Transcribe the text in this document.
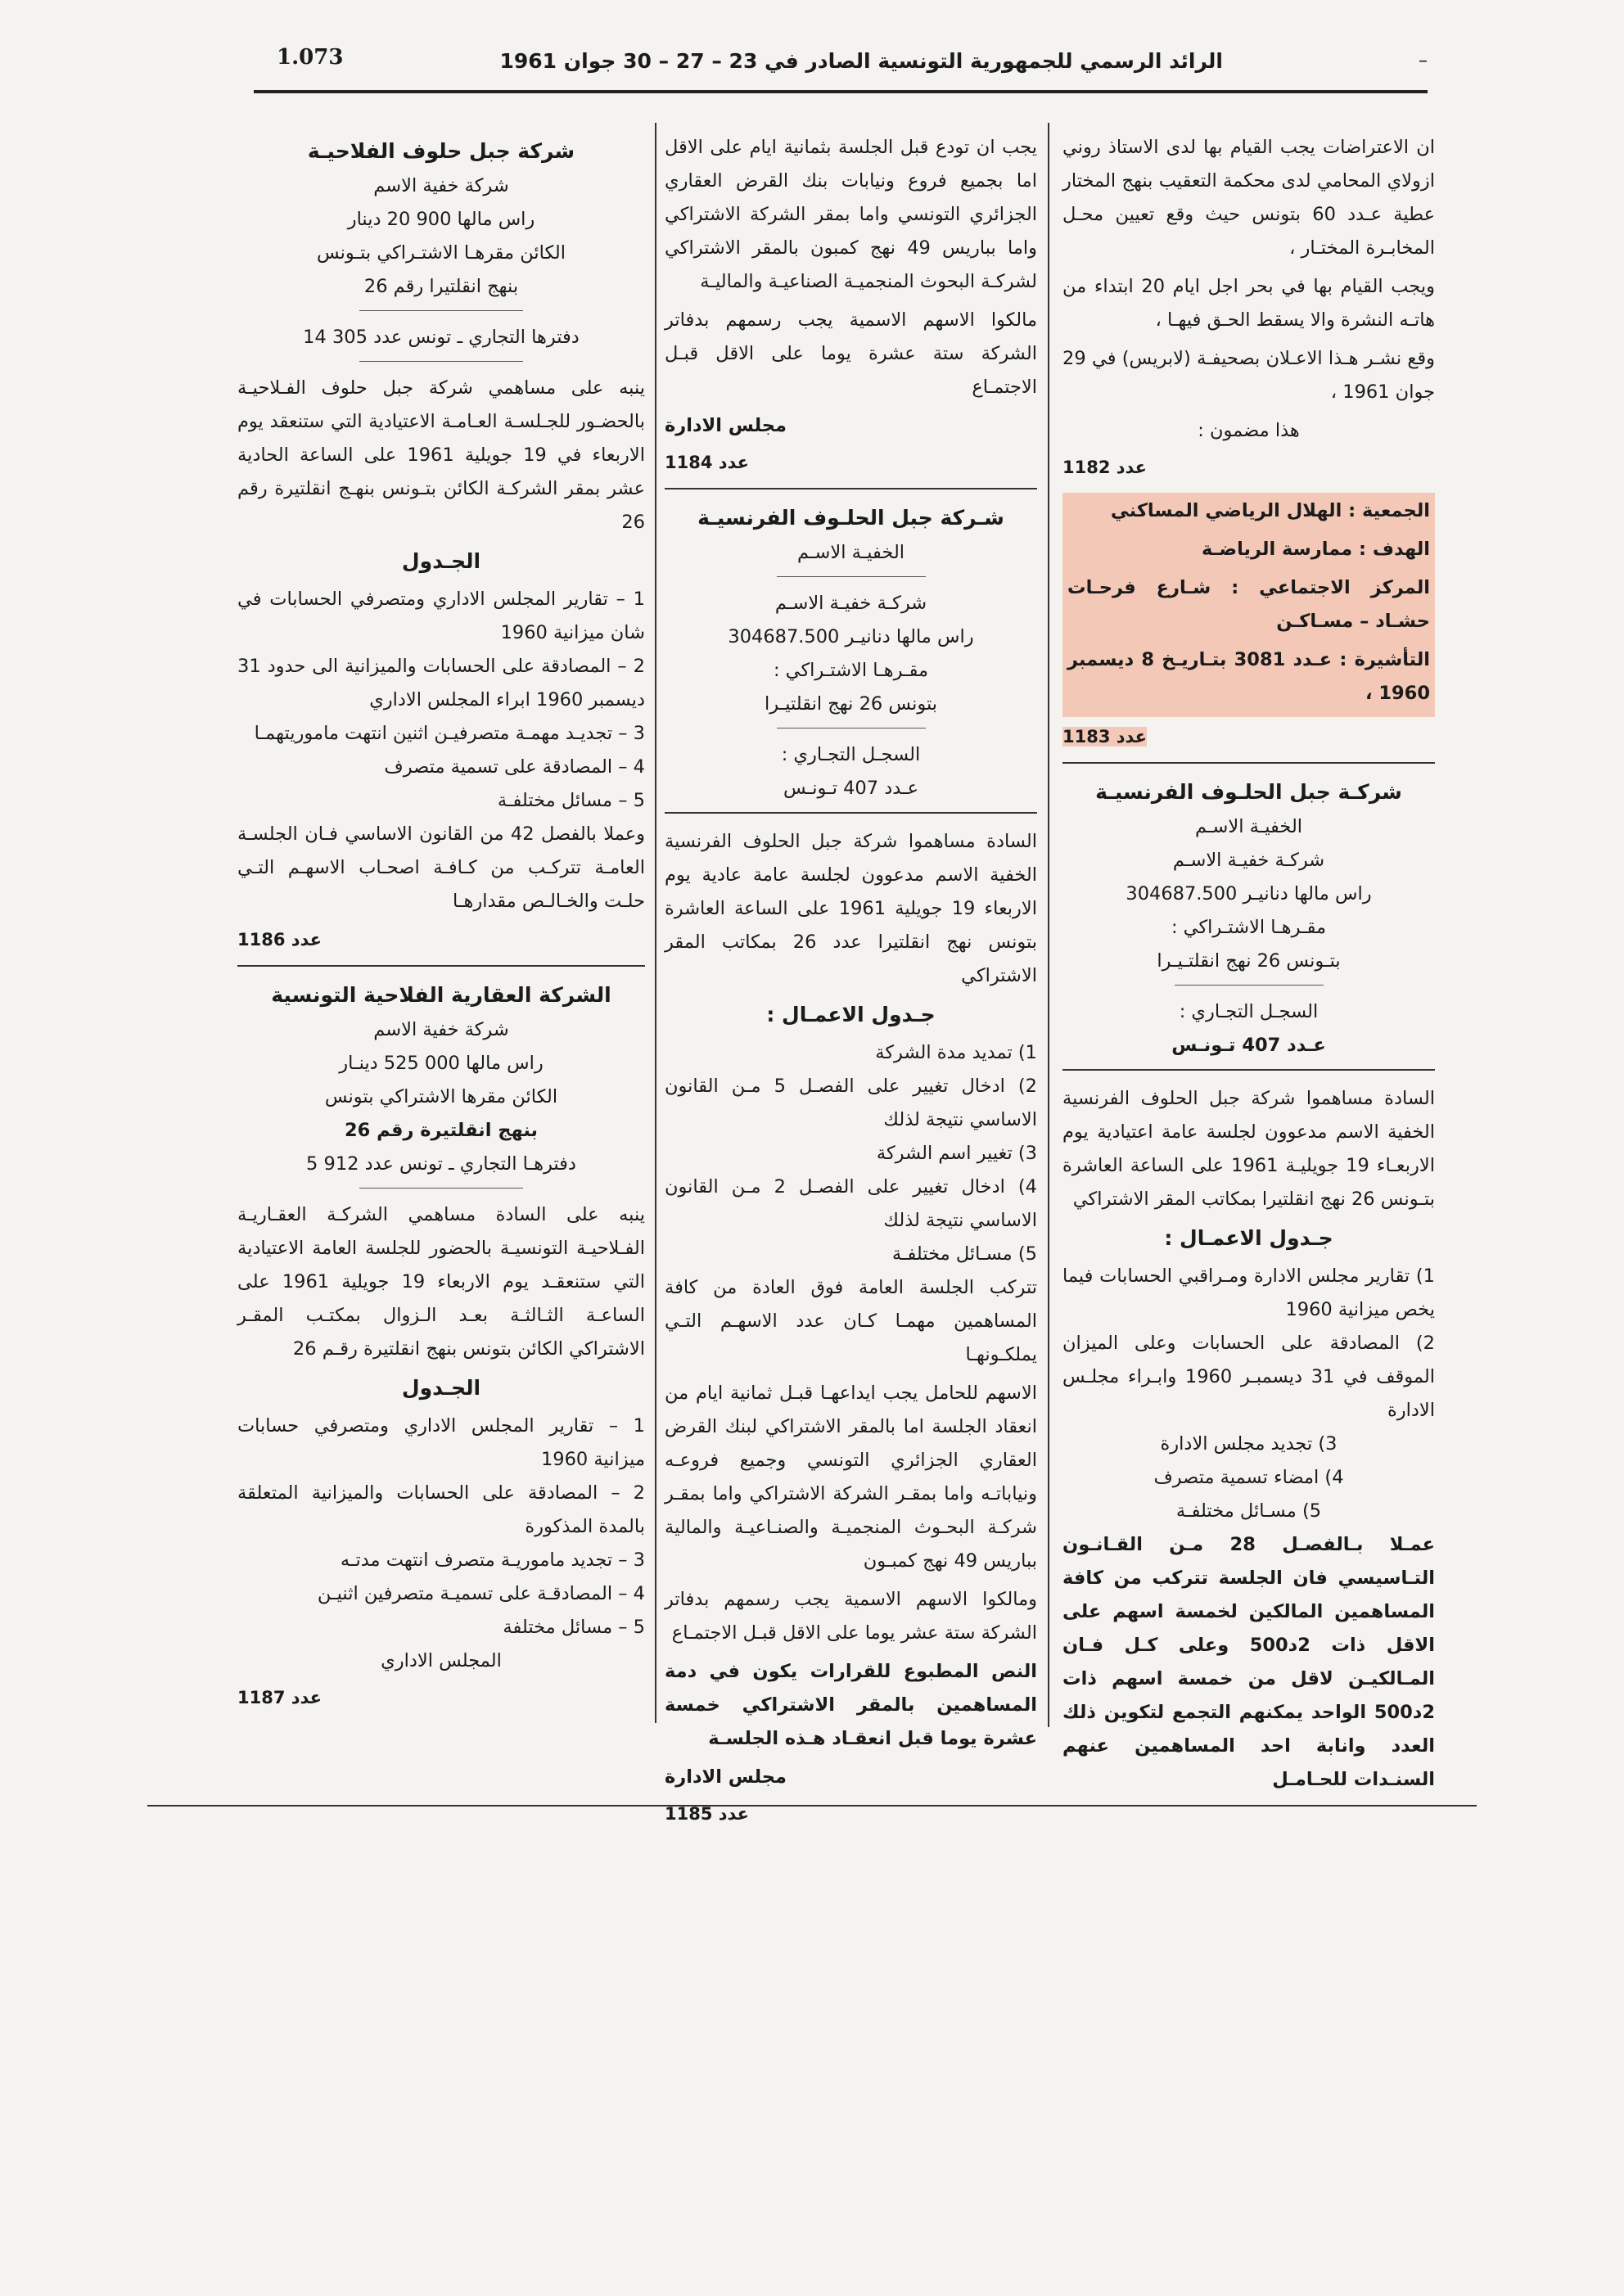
1.073	الرائد الرسمي للجمهورية التونسية الصادر في 23 – 27 – 30 جوان 1961	–

ان الاعتراضات يجب القيام بها لدى الاستاذ روني ازولاي المحامي لدى محكمة التعقيب بنهج المختار عطية عـدد 60 بتونس حيث وقع تعيين محـل المخابـرة المختـار ،

ويجب القيام بها في بحر اجل ايام 20 ابتداء من هاتـه النشرة والا يسقط الحـق فيهـا ،

وقع نشـر هـذا الاعـلان بصحيفـة (لابريس) في 29 جوان 1961 ،

هذا مضمون :

عدد 1182

الجمعية : الهلال الرياضي المساكني

الهدف : ممارسة الرياضـة

المركز الاجتماعي : شـارع فرحـات حشـاد – مسـاكـن

التأشيرة : عـدد 3081 بتـاريـخ 8 ديسمبر 1960 ،

عدد 1183

شركـة جبل الحلـوف الفرنسيـة

الخفيـة الاسـم

شركـة خفيـة الاسـم

راس مالها دنانيـر 304687.500

مقـرهـا الاشتـراكي :

بتـونس 26 نهج انقلتـيـرا

السجـل التجـاري :

عـدد 407 تـونـس

السادة مساهموا شركة جبل الحلوف الفرنسية الخفية الاسم مدعوون لجلسة عامة اعتيادية يوم الاربعـاء 19 جويليـة 1961 على الساعة العاشرة بتـونس 26 نهج انقلتيرا بمكاتب المقر الاشتراكي

جـدول الاعمـال :

1) تقارير مجلس الادارة ومـراقبي الحسابات فيما يخص ميزانية 1960
2) المصادقة على الحسابات وعلى الميزان الموقف في 31 ديسمبـر 1960 وابـراء مجلـس الادارة
3) تجديد مجلس الادارة
4) امضاء تسمية متصرف
5) مسـائل مختلفـة

عمـلا بـالفصـل 28 مـن القـانـون التـاسيسي فان الجلسة تتركب من كافة المساهمين المالكين لخمسة اسهم على الاقل ذات 2د500 وعلى كـل فـان المـالكيـن لاقل من خمسة اسهم ذات 2د500 الواحد يمكنهم التجمع لتكوين ذلك العدد وانابة احد المساهمين عنهم السنـدات للحـامـل

يجب ان تودع قبل الجلسة بثمانية ايام على الاقل اما بجميع فروع ونيابات بنك القرض العقاري الجزائري التونسي واما بمقر الشركة الاشتراكي واما بباريس 49 نهج كمبون بالمقر الاشتراكي لشركـة البحوث المنجميـة الصناعيـة والماليـة

مالكوا الاسهم الاسمية يجب رسمهم بدفاتر الشركة ستة عشرة يوما على الاقل قبـل الاجتمـاع

مجلس الادارة

عدد 1184

شـركة جبل الحلـوف الفرنسيـة

الخفيـة الاسـم

شركـة خفيـة الاسـم

راس مالها دنانيـر 304687.500

مقـرهـا الاشتـراكي :

بتونس 26 نهج انقلتيـرا

السجـل التجـاري :

عـدد 407 تـونـس

السادة مساهموا شركة جبل الحلوف الفرنسية الخفية الاسم مدعوون لجلسة عامة عادية يوم الاربعاء 19 جويلية 1961 على الساعة العاشرة بتونس نهج انقلتيرا عدد 26 بمكاتب المقر الاشتراكي

جـدول الاعمـال :

1) تمديد مدة الشركة
2) ادخال تغيير على الفصـل 5 مـن القانون الاساسي نتيجة لذلك
3) تغيير اسم الشركة
4) ادخال تغيير على الفصـل 2 مـن القانون الاساسي نتيجة لذلك
5) مسـائل مختلفـة

تتركب الجلسة العامة فوق العادة من كافة المساهمين مهمـا كـان عدد الاسهـم التـي يملكـونهـا

الاسهم للحامل يجب ايداعهـا قبـل ثمانية ايام من انعقاد الجلسة اما بالمقر الاشتراكي لبنك القرض العقاري الجزائري التونسي وجميع فروعـه ونياباتـه واما بمقـر الشركة الاشتراكي واما بمقـر شركـة البحـوث المنجميـة والصنـاعيـة والمالية بباريس 49 نهج كمبـون

ومالكوا الاسهم الاسمية يجب رسمهم بدفاتر الشركة ستة عشر يوما على الاقل قبـل الاجتمـاع

النص المطبوع للقرارات يكون في دمة المساهمين بالمقر الاشتراكي خمسة عشرة يوما قبل انعقـاد هـذه الجلسـة

مجلس الادارة

عدد 1185

شركة جبل حلوف الفلاحيـة

شركة خفية الاسم

راس مالها 900 20 دينار

الكائن مقرهـا الاشتـراكي بتـونس

بنهج انقلتيرا رقم 26

دفترها التجاري ـ تونس عدد 305 14

ينبه على مساهمي شركة جبل حلوف الفـلاحيـة بالحضـور للجـلسـة العـامـة الاعتيادية التي ستنعقد يوم الاربعاء في 19 جويلية 1961 على الساعة الحادية عشر بمقر الشركـة الكائن بتـونس بنهـج انقلتيرة رقم 26

الجـدول

1 – تقارير المجلس الاداري ومتصرفي الحسابات في شان ميزانية 1960
2 – المصادقة على الحسابات والميزانية الى حدود 31 ديسمبر 1960 ابراء المجلس الاداري
3 – تجديـد مهمـة متصرفيـن اثنين انتهت ماموريتهمـا
4 – المصادقة على تسمية متصرف
5 – مسائل مختلفـة

وعملا بالفصل 42 من القانون الاساسي فـان الجلسـة العامـة تتركـب من كـافـة اصحـاب الاسهـم التـي حلـت والخـالـص مقدارهـا

عدد 1186

الشركة العقارية الفلاحية التونسية

شركة خفية الاسم

راس مالها 000 525 دينـار

الكائن مقرها الاشتراكي بتونس

بنهج انقلتيرة رقم 26

دفترهـا التجاري ـ تونس عدد 912 5

ينبه على السادة مساهمي الشركـة العقـاريـة الفـلاحيـة التونسيـة بالحضور للجلسة العامة الاعتيادية التي ستنعقـد يوم الاربعاء 19 جويلية 1961 على الساعـة الثـالثـة بعـد الـزوال بمكتـب المقـر الاشتراكي الكائن بتونس بنهج انقلتيرة رقـم 26

الجـدول

1 – تقارير المجلس الاداري ومتصرفي حسابات ميزانية 1960
2 – المصادقة على الحسابات والميزانية المتعلقة بالمدة المذكورة
3 – تجديد ماموريـة متصرف انتهت مدتـه
4 – المصادقـة على تسميـة متصرفين اثنيـن
5 – مسائل مختلفة

المجلس الاداري

عدد 1187
